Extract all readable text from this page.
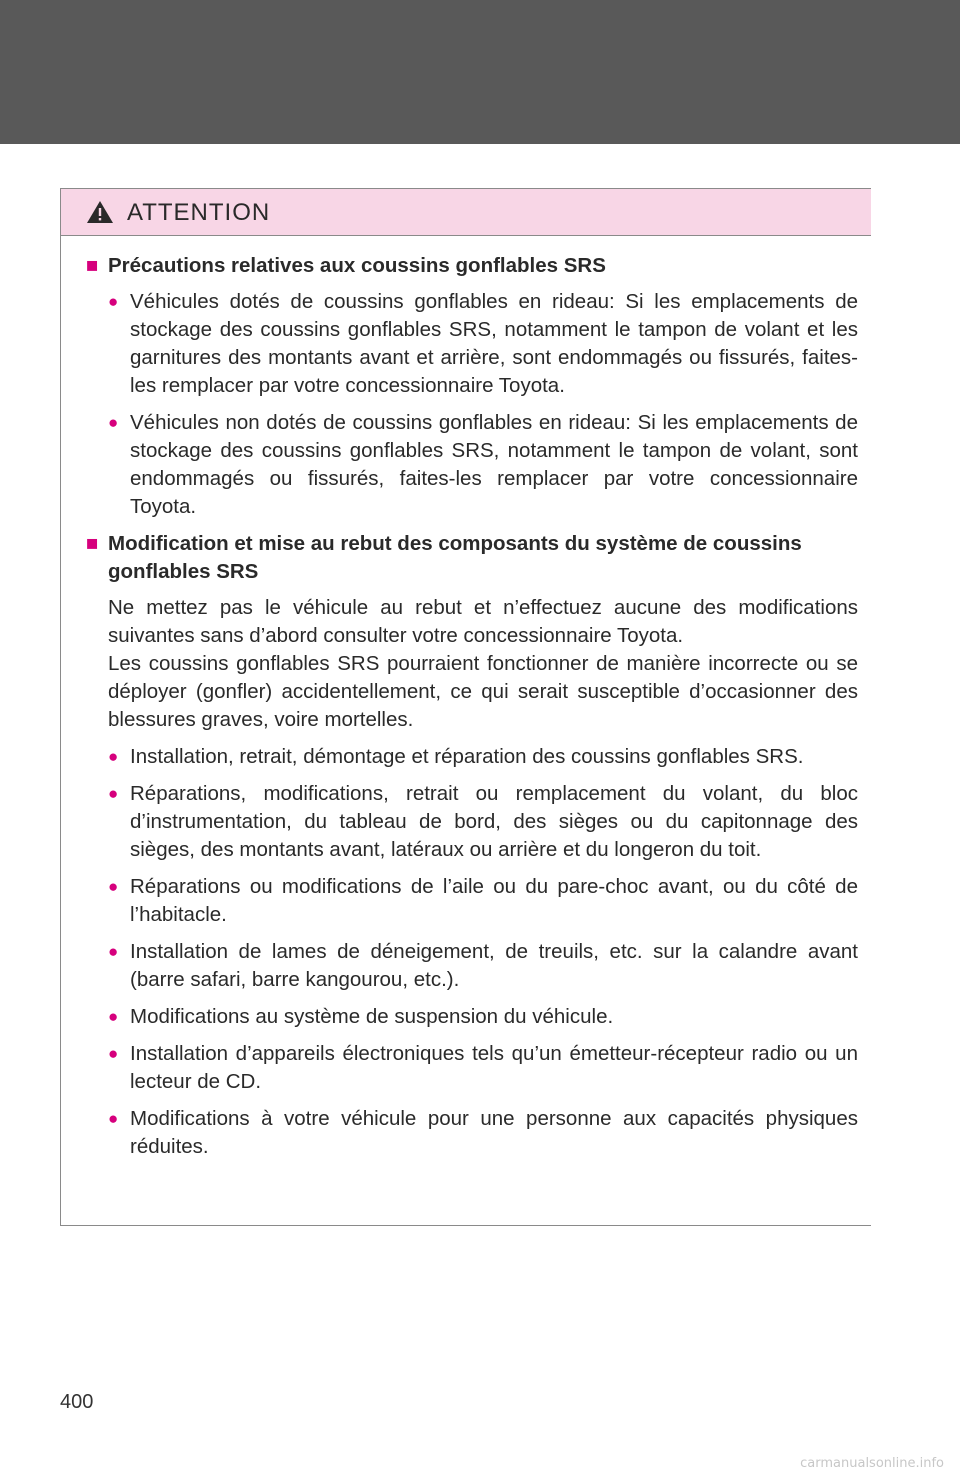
ATTENTION
■ Précautions relatives aux coussins gonflables SRS
● Véhicules dotés de coussins gonflables en rideau: Si les emplacements de stockage des coussins gonflables SRS, notamment le tampon de volant et les garnitures des montants avant et arrière, sont endommagés ou fissurés, faites-les remplacer par votre concessionnaire Toyota.
● Véhicules non dotés de coussins gonflables en rideau: Si les emplacements de stockage des coussins gonflables SRS, notamment le tampon de volant, sont endommagés ou fissurés, faites-les remplacer par votre concessionnaire Toyota.
■ Modification et mise au rebut des composants du système de coussins gonflables SRS
Ne mettez pas le véhicule au rebut et n’effectuez aucune des modifications suivantes sans d’abord consulter votre concessionnaire Toyota.
Les coussins gonflables SRS pourraient fonctionner de manière incorrecte ou se déployer (gonfler) accidentellement, ce qui serait susceptible d’occasionner des blessures graves, voire mortelles.
● Installation, retrait, démontage et réparation des coussins gonflables SRS.
● Réparations, modifications, retrait ou remplacement du volant, du bloc d’instrumentation, du tableau de bord, des sièges ou du capitonnage des sièges, des montants avant, latéraux ou arrière et du longeron du toit.
● Réparations ou modifications de l’aile ou du pare-choc avant, ou du côté de l’habitacle.
● Installation de lames de déneigement, de treuils, etc. sur la calandre avant (barre safari, barre kangourou, etc.).
● Modifications au système de suspension du véhicule.
● Installation d’appareils électroniques tels qu’un émetteur-récepteur radio ou un lecteur de CD.
● Modifications à votre véhicule pour une personne aux capacités physiques réduites.
400
carmanualsonline.info
